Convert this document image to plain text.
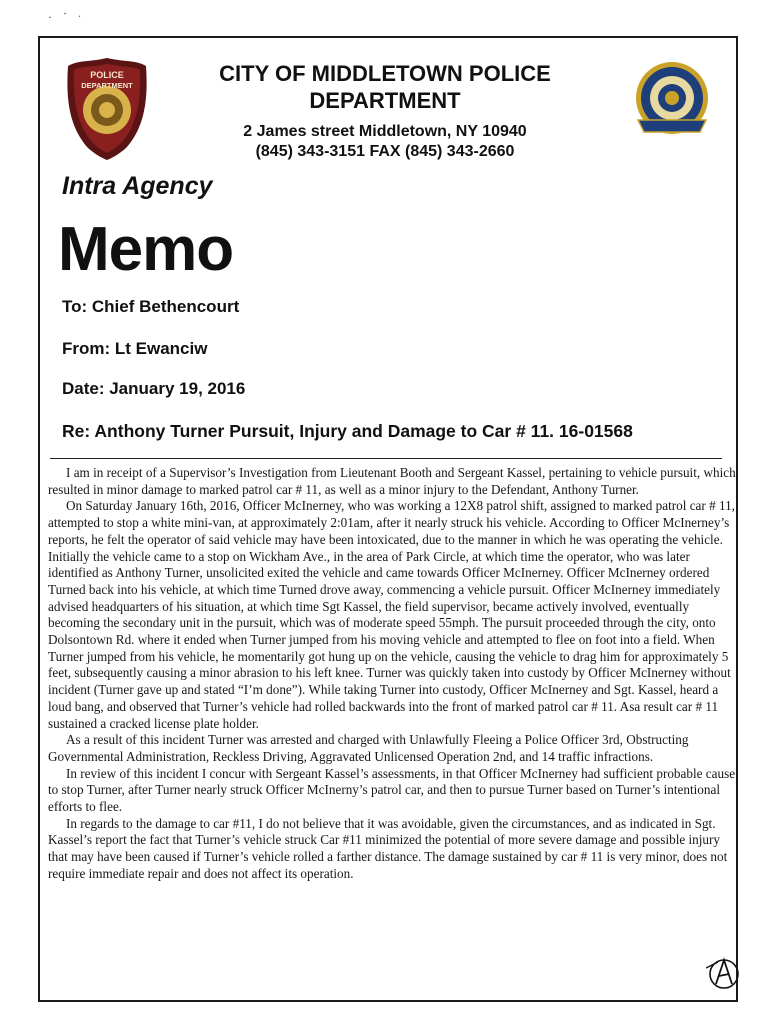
· ˊ ˑ
POLICE
DEPARTMENT	CITY OF MIDDLETOWN POLICE
DEPARTMENT
2 James street Middletown, NY 10940
(845) 343-3151 FAX (845) 343-2660
Intra Agency
Memo
To: Chief Bethencourt
From: Lt Ewanciw
Date: January 19, 2016
Re: Anthony Turner Pursuit, Injury and Damage to Car # 11. 16-01568

I am in receipt of a Supervisor’s Investigation from Lieutenant Booth and Sergeant Kassel, pertaining to vehicle pursuit, which resulted in minor damage to marked patrol car # 11, as well as a minor injury to the Defendant, Anthony Turner.

On Saturday January 16th, 2016, Officer McInerney, who was working a 12X8 patrol shift, assigned to marked patrol car # 11, attempted to stop a white mini-van, at approximately 2:01am, after it nearly struck his vehicle. According to Officer McInerney’s reports, he felt the operator of said vehicle may have been intoxicated, due to the manner in which he was operating the vehicle. Initially the vehicle came to a stop on Wickham Ave., in the area of Park Circle, at which time the operator, who was later identified as Anthony Turner, unsolicited exited the vehicle and came towards Officer McInerney. Officer McInerney ordered Turned back into his vehicle, at which time Turned drove away, commencing a vehicle pursuit. Officer McInerney immediately advised headquarters of his situation, at which time Sgt Kassel, the field supervisor, became actively involved, eventually becoming the secondary unit in the pursuit, which was of moderate speed 55mph. The pursuit proceeded through the city, onto Dolsontown Rd. where it ended when Turner jumped from his moving vehicle and attempted to flee on foot into a field. When Turner jumped from his vehicle, he momentarily got hung up on the vehicle, causing the vehicle to drag him for approximately 5 feet, subsequently causing a minor abrasion to his left knee. Turner was quickly taken into custody by Officer McInerney without incident (Turner gave up and stated “I’m done”). While taking Turner into custody, Officer McInerney and Sgt. Kassel, heard a loud bang, and observed that Turner’s vehicle had rolled backwards into the front of marked patrol car # 11. Asa result car # 11 sustained a cracked license plate holder.

As a result of this incident Turner was arrested and charged with Unlawfully Fleeing a Police Officer 3rd, Obstructing Governmental Administration, Reckless Driving, Aggravated Unlicensed Operation 2nd, and 14 traffic infractions.

In review of this incident I concur with Sergeant Kassel’s assessments, in that Officer McInerney had sufficient probable cause to stop Turner, after Turner nearly struck Officer McInerny’s patrol car, and then to pursue Turner based on Turner’s intentional efforts to flee.

In regards to the damage to car #11, I do not believe that it was avoidable, given the circumstances, and as indicated in Sgt. Kassel’s report the fact that Turner’s vehicle struck Car #11 minimized the potential of more severe damage and possible injury that may have been caused if Turner’s vehicle rolled a farther distance. The damage sustained by car # 11 is very minor, does not require immediate repair and does not affect its operation.
